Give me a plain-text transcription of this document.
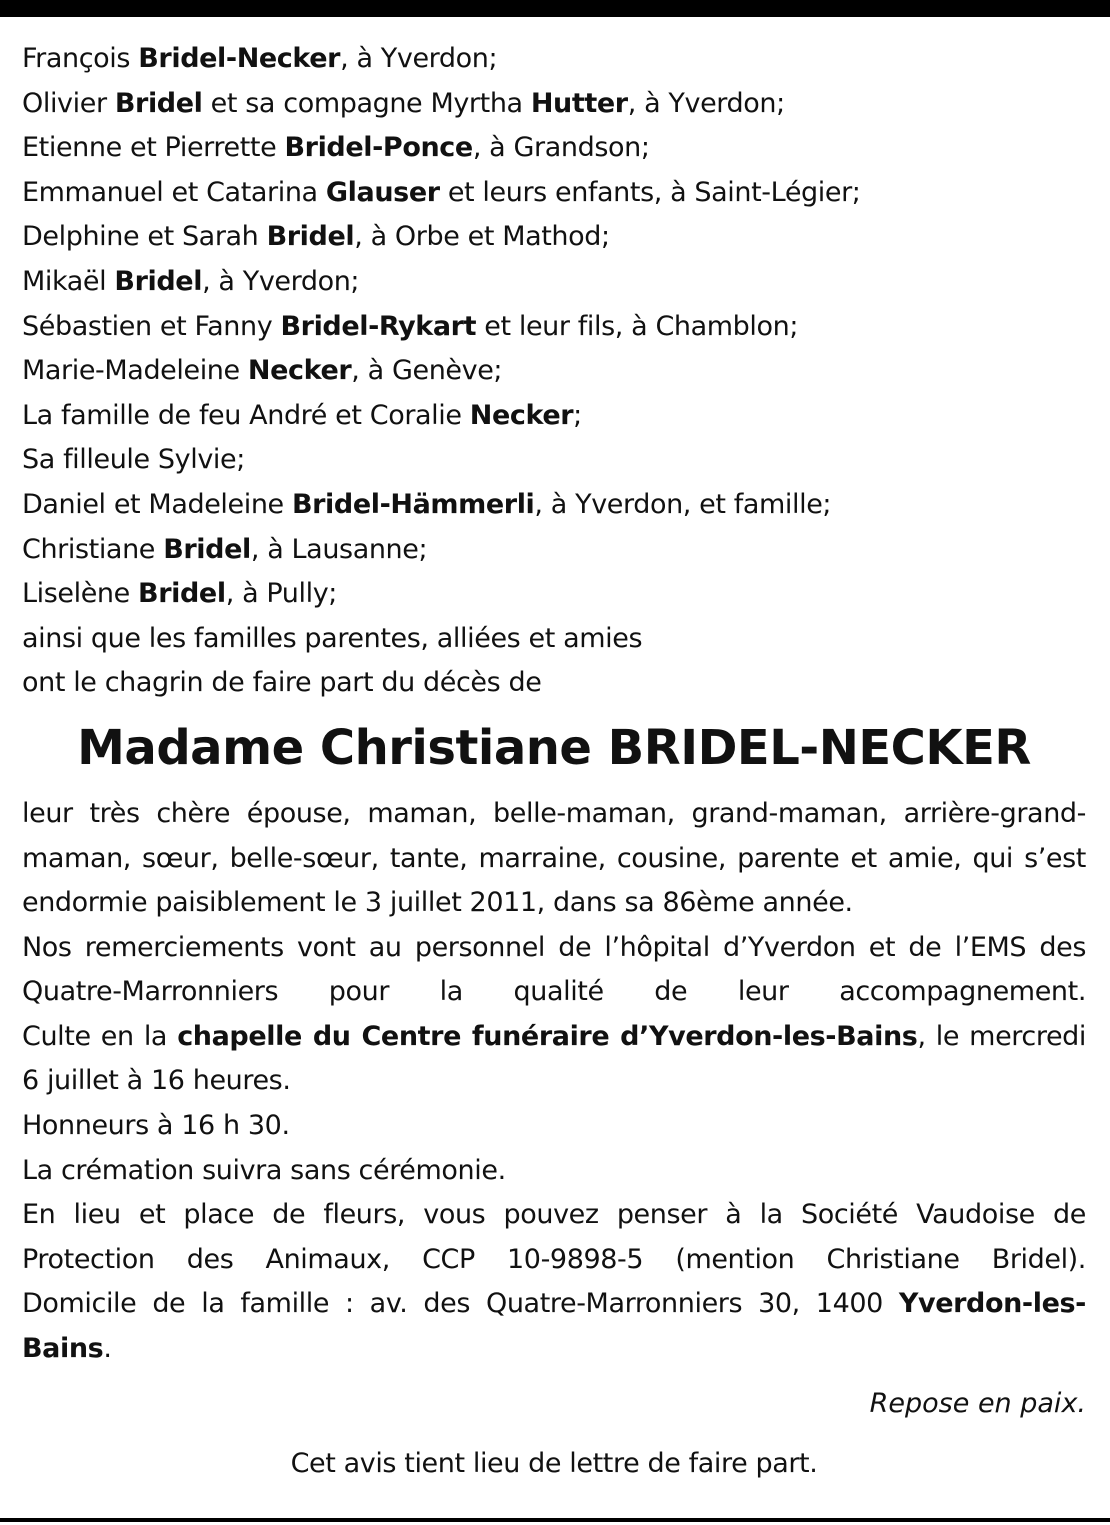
François Bridel-Necker, à Yverdon;
Olivier Bridel et sa compagne Myrtha Hutter, à Yverdon;
Etienne et Pierrette Bridel-Ponce, à Grandson;
Emmanuel et Catarina Glauser et leurs enfants, à Saint-Légier;
Delphine et Sarah Bridel, à Orbe et Mathod;
Mikaël Bridel, à Yverdon;
Sébastien et Fanny Bridel-Rykart et leur fils, à Chamblon;
Marie-Madeleine Necker, à Genève;
La famille de feu André et Coralie Necker;
Sa filleule Sylvie;
Daniel et Madeleine Bridel-Hämmerli, à Yverdon, et famille;
Christiane Bridel, à Lausanne;
Liselène Bridel, à Pully;
ainsi que les familles parentes, alliées et amies
ont le chagrin de faire part du décès de
Madame Christiane BRIDEL-NECKER
leur très chère épouse, maman, belle-maman, grand-maman, arrière-grand-maman, sœur, belle-sœur, tante, marraine, cousine, parente et amie, qui s’est endormie paisiblement le 3 juillet 2011, dans sa 86ème année.
Nos remerciements vont au personnel de l’hôpital d’Yverdon et de l’EMS des Quatre-Marronniers pour la qualité de leur accompagnement.
Culte en la chapelle du Centre funéraire d’Yverdon-les-Bains, le mercredi 6 juillet à 16 heures.
Honneurs à 16 h 30.
La crémation suivra sans cérémonie.
En lieu et place de fleurs, vous pouvez penser à la Société Vaudoise de Protection des Animaux, CCP 10-9898-5 (mention Christiane Bridel).
Domicile de la famille : av. des Quatre-Marronniers 30, 1400 Yverdon-les-Bains.
Repose en paix.
Cet avis tient lieu de lettre de faire part.
